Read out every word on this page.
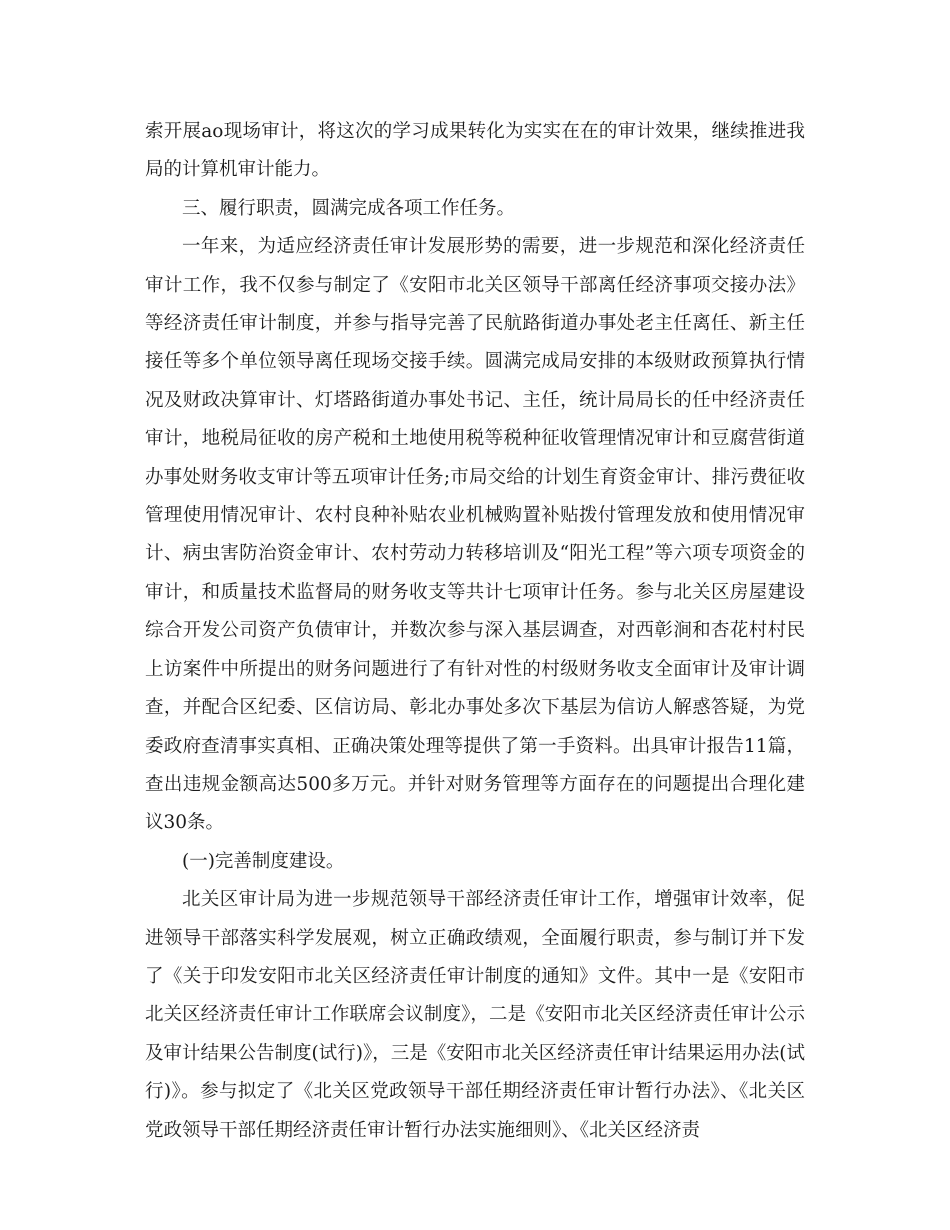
索开展ao现场审计，将这次的学习成果转化为实实在在的审计效果，继续推进我局的计算机审计能力。

三、履行职责，圆满完成各项工作任务。

一年来，为适应经济责任审计发展形势的需要，进一步规范和深化经济责任审计工作，我不仅参与制定了《安阳市北关区领导干部离任经济事项交接办法》等经济责任审计制度，并参与指导完善了民航路街道办事处老主任离任、新主任接任等多个单位领导离任现场交接手续。圆满完成局安排的本级财政预算执行情况及财政决算审计、灯塔路街道办事处书记、主任，统计局局长的任中经济责任审计，地税局征收的房产税和土地使用税等税种征收管理情况审计和豆腐营街道办事处财务收支审计等五项审计任务;市局交给的计划生育资金审计、排污费征收管理使用情况审计、农村良种补贴农业机械购置补贴拨付管理发放和使用情况审计、病虫害防治资金审计、农村劳动力转移培训及“阳光工程”等六项专项资金的审计，和质量技术监督局的财务收支等共计七项审计任务。参与北关区房屋建设综合开发公司资产负债审计，并数次参与深入基层调查，对西彰涧和杏花村村民上访案件中所提出的财务问题进行了有针对性的村级财务收支全面审计及审计调查，并配合区纪委、区信访局、彰北办事处多次下基层为信访人解惑答疑，为党委政府查清事实真相、正确决策处理等提供了第一手资料。出具审计报告11篇，查出违规金额高达500多万元。并针对财务管理等方面存在的问题提出合理化建议30条。

(一)完善制度建设。

北关区审计局为进一步规范领导干部经济责任审计工作，增强审计效率，促进领导干部落实科学发展观，树立正确政绩观，全面履行职责，参与制订并下发了《关于印发安阳市北关区经济责任审计制度的通知》文件。其中一是《安阳市北关区经济责任审计工作联席会议制度》，二是《安阳市北关区经济责任审计公示及审计结果公告制度(试行)》，三是《安阳市北关区经济责任审计结果运用办法(试行)》。参与拟定了《北关区党政领导干部任期经济责任审计暂行办法》、《北关区党政领导干部任期经济责任审计暂行办法实施细则》、《北关区经济责
